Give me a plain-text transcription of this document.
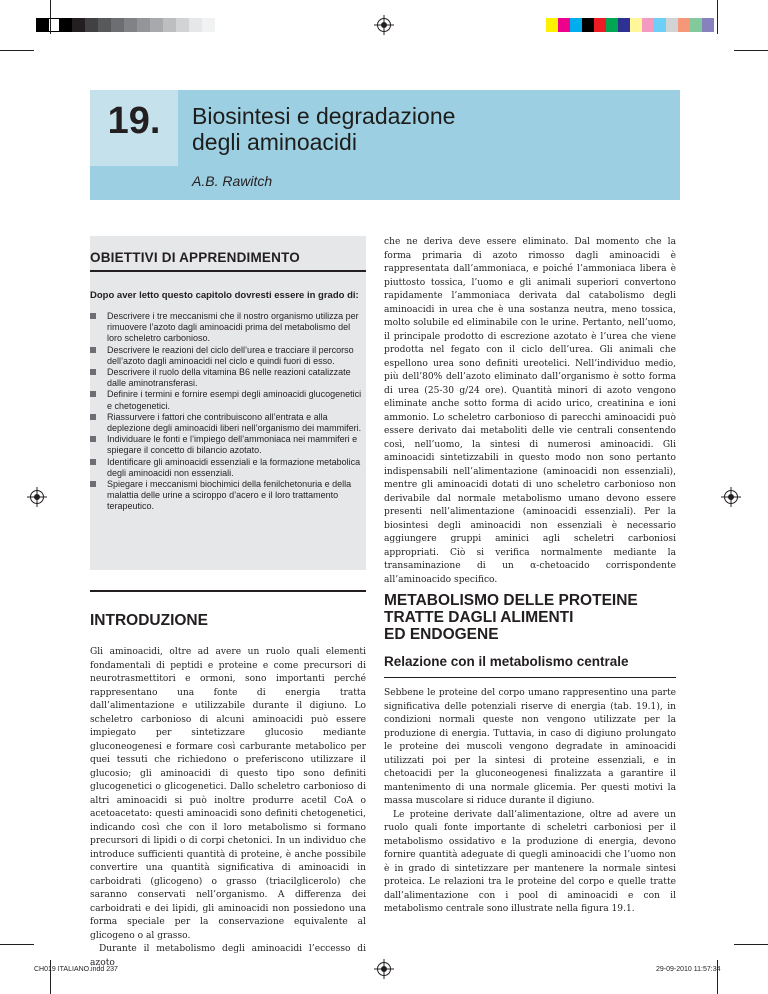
19.	Biosintesi e degradazione
degli aminoacidi
A.B. Rawitch
OBIETTIVI DI APPRENDIMENTO
Dopo aver letto questo capitolo dovresti essere in grado di:
Descrivere i tre meccanismi che il nostro organismo utilizza per rimuovere l’azoto dagli aminoacidi prima del metabolismo del loro scheletro carbonioso.
Descrivere le reazioni del ciclo dell’urea e tracciare il percorso dell’azoto dagli aminoacidi nel ciclo e quindi fuori di esso.
Descrivere il ruolo della vitamina B6 nelle reazioni catalizzate dalle aminotransferasi.
Definire i termini e fornire esempi degli aminoacidi glucogenetici e chetogenetici.
Riassurvere i fattori che contribuiscono all’entrata e alla deplezione degli aminoacidi liberi nell’organismo dei mammiferi.
Individuare le fonti e l’impiego dell’ammoniaca nei mammiferi e spiegare il concetto di bilancio azotato.
Identificare gli aminoacidi essenziali e la formazione metabolica degli aminoacidi non essenziali.
Spiegare i meccanismi biochimici della fenilchetonuria e della malattia delle urine a sciroppo d’acero e il loro trattamento terapeutico.
INTRODUZIONE

Gli aminoacidi, oltre ad avere un ruolo quali elementi fondamentali di peptidi e proteine e come precursori di neurotrasmettitori e ormoni, sono importanti perché rappresentano una fonte di energia tratta dall’alimentazione e utilizzabile durante il digiuno. Lo scheletro carbonioso di alcuni aminoacidi può essere impiegato per sintetizzare glucosio mediante gluconeogenesi e formare così carburante metabolico per quei tessuti che richiedono o preferiscono utilizzare il glucosio; gli aminoacidi di questo tipo sono definiti glucogenetici o glicogenetici. Dallo scheletro carbonioso di altri aminoacidi si può inoltre produrre acetil CoA o acetoacetato: questi aminoacidi sono definiti chetogenetici, indicando così che con il loro metabolismo si formano precursori di lipidi o di corpi chetonici. In un individuo che introduce sufficienti quantità di proteine, è anche possibile convertire una quantità significativa di aminoacidi in carboidrati (glicogeno) o grasso (triacilglicerolo) che saranno conservati nell’organismo. A differenza dei carboidrati e dei lipidi, gli aminoacidi non possiedono una forma speciale per la conservazione equivalente al glicogeno o al grasso.

Durante il metabolismo degli aminoacidi l’eccesso di azoto

che ne deriva deve essere eliminato. Dal momento che la forma primaria di azoto rimosso dagli aminoacidi è rappresentata dall’ammoniaca, e poiché l’ammoniaca libera è piuttosto tossica, l’uomo e gli animali superiori convertono rapidamente l’ammoniaca derivata dal catabolismo degli aminoacidi in urea che è una sostanza neutra, meno tossica, molto solubile ed eliminabile con le urine. Pertanto, nell’uomo, il principale prodotto di escrezione azotato è l’urea che viene prodotta nel fegato con il ciclo dell’urea. Gli animali che espellono urea sono definiti ureotelici. Nell’individuo medio, più dell’80% dell’azoto eliminato dall’organismo è sotto forma di urea (25-30 g/24 ore). Quantità minori di azoto vengono eliminate anche sotto forma di acido urico, creatinina e ioni ammonio. Lo scheletro carbonioso di parecchi aminoacidi può essere derivato dai metaboliti delle vie centrali consentendo così, nell’uomo, la sintesi di numerosi aminoacidi. Gli aminoacidi sintetizzabili in questo modo non sono pertanto indispensabili nell’alimentazione (aminoacidi non essenziali), mentre gli aminoacidi dotati di uno scheletro carbonioso non derivabile dal normale metabolismo umano devono essere presenti nell’alimentazione (aminoacidi essenziali). Per la biosintesi degli aminoacidi non essenziali è necessario aggiungere gruppi aminici agli scheletri carboniosi appropriati. Ciò si verifica normalmente mediante la transaminazione di un α-chetoacido corrispondente all’aminoacido specifico.

METABOLISMO DELLE PROTEINE
TRATTE DAGLI ALIMENTI
ED ENDOGENE
Relazione con il metabolismo centrale

Sebbene le proteine del corpo umano rappresentino una parte significativa delle potenziali riserve di energia (tab. 19.1), in condizioni normali queste non vengono utilizzate per la produzione di energia. Tuttavia, in caso di digiuno prolungato le proteine dei muscoli vengono degradate in aminoacidi utilizzati poi per la sintesi di proteine essenziali, e in chetoacidi per la gluconeogenesi finalizzata a garantire il mantenimento di una normale glicemia. Per questi motivi la massa muscolare si riduce durante il digiuno.

Le proteine derivate dall’alimentazione, oltre ad avere un ruolo quali fonte importante di scheletri carboniosi per il metabolismo ossidativo e la produzione di energia, devono fornire quantità adeguate di quegli aminoacidi che l’uomo non è in grado di sintetizzare per mantenere la normale sintesi proteica. Le relazioni tra le proteine del corpo e quelle tratte dall’alimentazione con i pool di aminoacidi e con il metabolismo centrale sono illustrate nella figura 19.1.

CH019 ITALIANO.indd 237	29-09-2010 11:57:34
